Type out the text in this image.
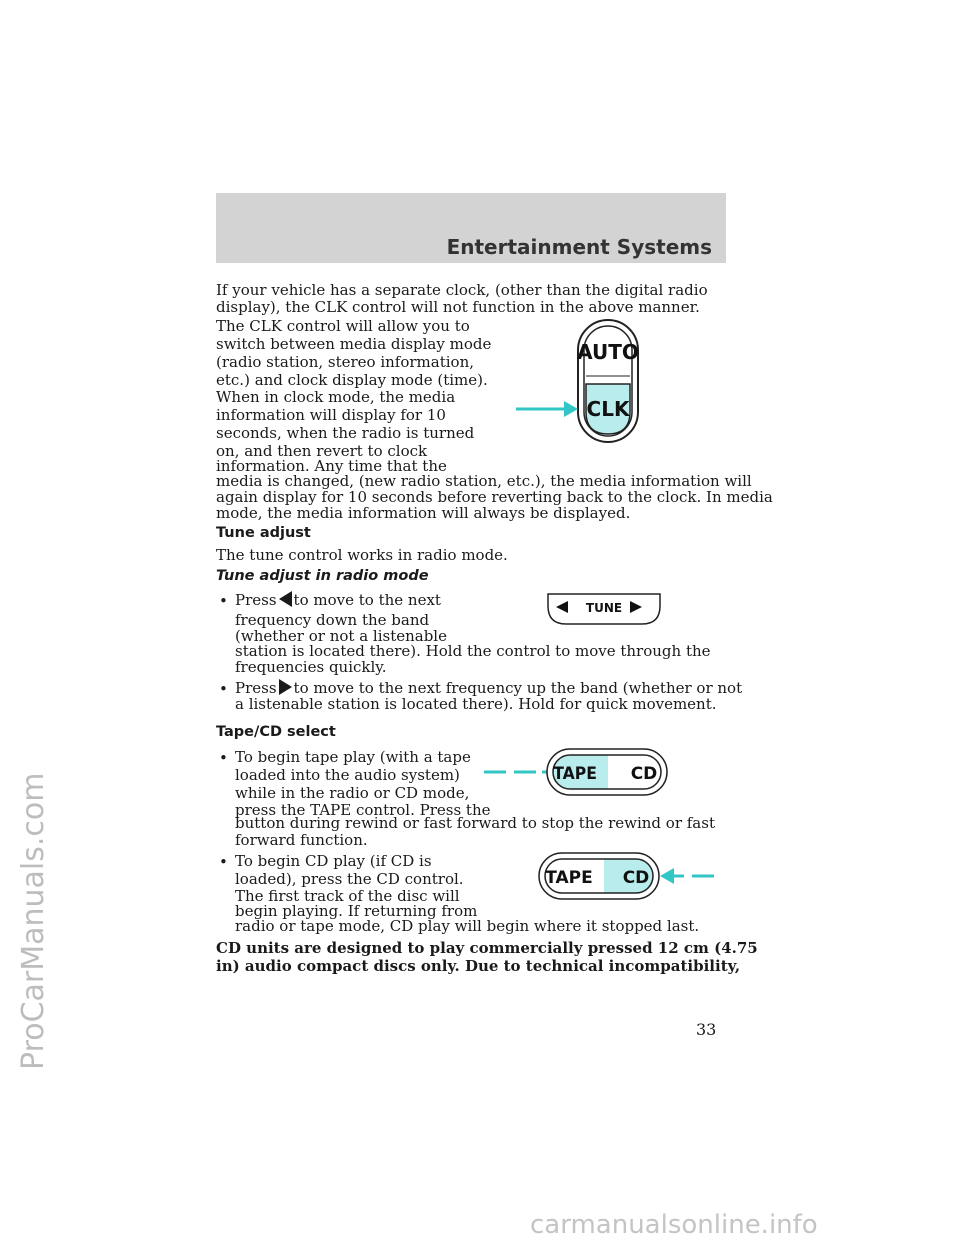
ProCarManuals.com
carmanualsonline.info
Entertainment Systems

If your vehicle has a separate clock, (other than the digital radio display), the CLK control will not function in the above manner.

The CLK control will allow you to
switch between media display mode
(radio station, stereo information,
etc.) and clock display mode (time).
When in clock mode, the media
information will display for 10
seconds, when the radio is turned
on, and then revert to clock
information. Any time that the
media is changed, (new radio station, etc.), the media information will
again display for 10 seconds before reverting back to the clock. In media
mode, the media information will always be displayed.
AUTO
CLK
Tune adjust
The tune control works in radio mode.
Tune adjust in radio mode
• Press to move to the next
frequency down the band
(whether or not a listenable
station is located there). Hold the control to move through the
frequencies quickly.
• Press to move to the next frequency up the band (whether or not
a listenable station is located there). Hold for quick movement.
TUNE
Tape/CD select
• To begin tape play (with a tape
loaded into the audio system)
while in the radio or CD mode,
press the TAPE control. Press the
button during rewind or fast forward to stop the rewind or fast
forward function.
• To begin CD play (if CD is
loaded), press the CD control.
The first track of the disc will
begin playing. If returning from
radio or tape mode, CD play will begin where it stopped last.
TAPE CD
TAPE CD
CD units are designed to play commercially pressed 12 cm (4.75
in) audio compact discs only. Due to technical incompatibility,
33
